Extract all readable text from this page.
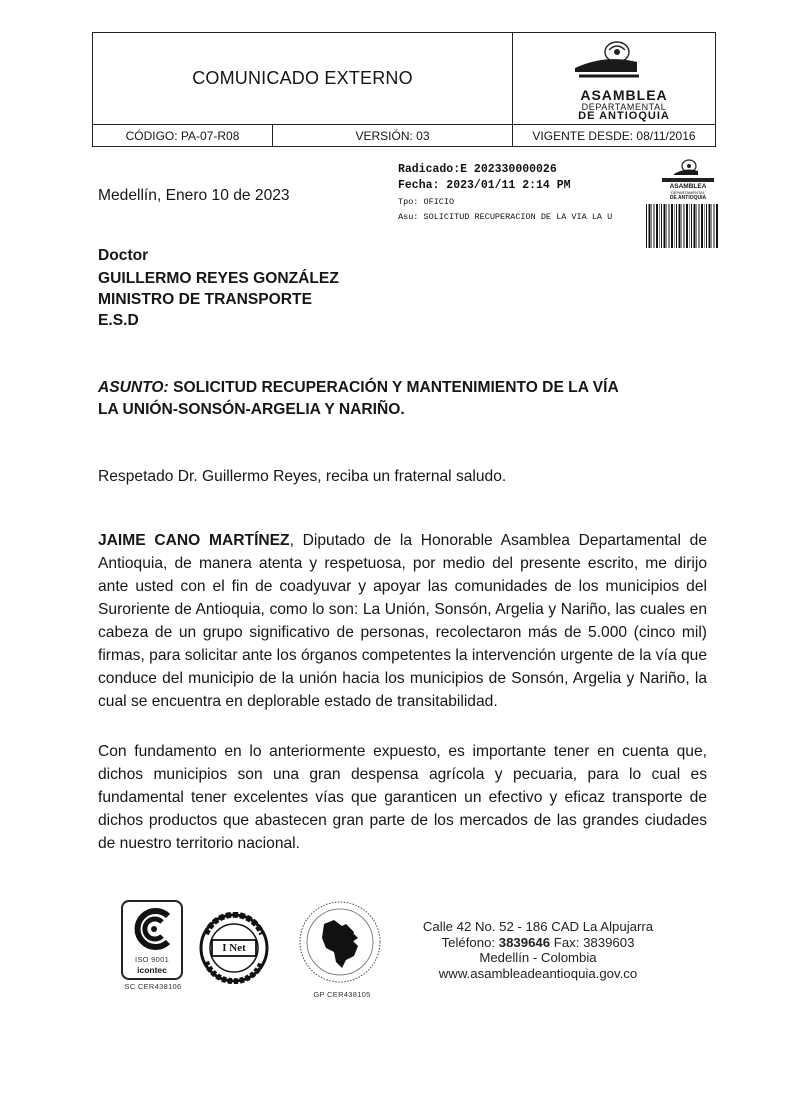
COMUNICADO EXTERNO
ASAMBLEA
DEPARTAMENTAL
DE ANTIOQUIA
CÓDIGO: PA-07-R08	VERSIÓN: 03	VIGENTE DESDE: 08/11/2016
Radicado:E 202330000026
Fecha: 2023/01/11 2:14 PM
Tpo: OFICIO
Asu: SOLICITUD RECUPERACION DE LA VIA LA U
ASAMBLEA
DEPARTAMENTAL
DE ANTIOQUIA
Medellín, Enero 10 de 2023
Doctor
GUILLERMO REYES GONZÁLEZ
MINISTRO DE TRANSPORTE
E.S.D
ASUNTO: SOLICITUD RECUPERACIÓN Y MANTENIMIENTO DE LA VÍA
LA UNIÓN-SONSÓN-ARGELIA Y NARIÑO.
Respetado Dr. Guillermo Reyes, reciba un fraternal saludo.
JAIME CANO MARTÍNEZ, Diputado de la Honorable Asamblea Departamental de Antioquia, de manera atenta y respetuosa, por medio del presente escrito, me dirijo ante usted con el fin de coadyuvar y apoyar las comunidades de los municipios del Suroriente de Antioquia, como lo son: La Unión, Sonsón, Argelia y Nariño, las cuales en cabeza de un grupo significativo de personas, recolectaron más de 5.000 (cinco mil) firmas, para solicitar ante los órganos competentes la intervención urgente de la vía que conduce del municipio de la unión hacia los municipios de Sonsón, Argelia y Nariño, la cual se encuentra en deplorable estado de transitabilidad.
Con fundamento en lo anteriormente expuesto, es importante tener en cuenta que, dichos municipios son una gran despensa agrícola y pecuaria, para lo cual es fundamental tener excelentes vías que garanticen un efectivo y eficaz transporte de dichos productos que abastecen gran parte de los mercados de las grandes ciudades de nuestro territorio nacional.
ISO 9001
icontec
SC CER438106
I Net
GP CER438105
Calle 42 No. 52 - 186 CAD La Alpujarra
Teléfono: 3839646 Fax: 3839603
Medellín - Colombia
www.asambleadeantioquia.gov.co
